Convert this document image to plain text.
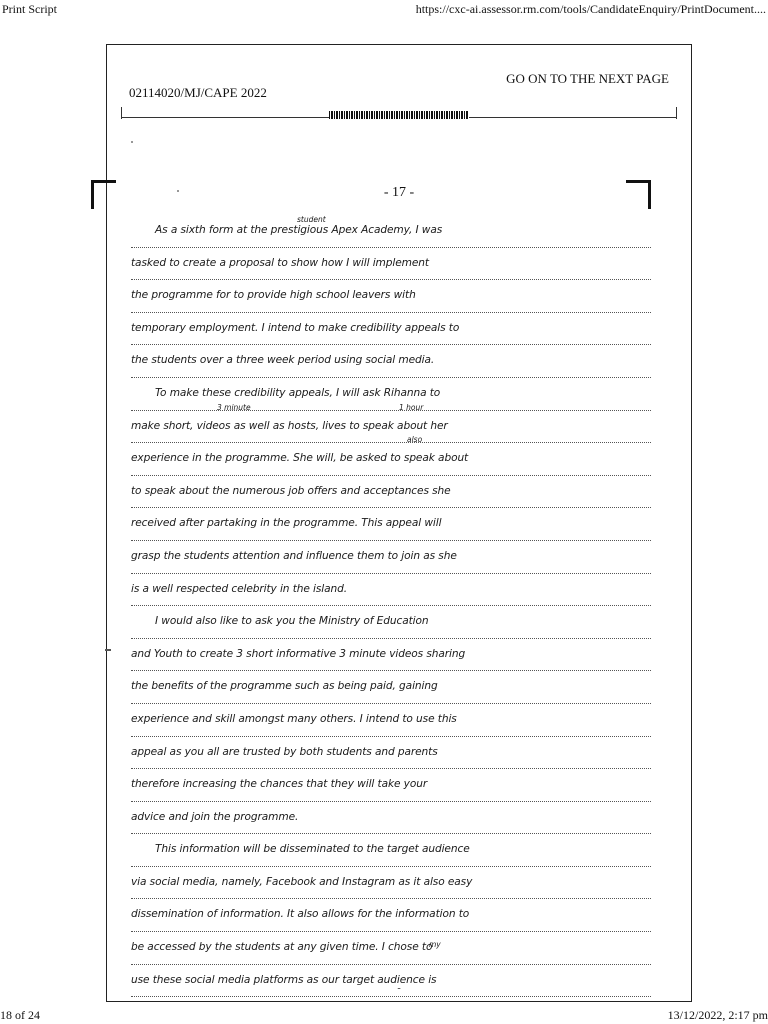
Print Script	https://cxc-ai.assessor.rm.com/tools/CandidateEnquiry/PrintDocument....
02114020/MJ/CAPE 2022
GO ON TO THE NEXT PAGE
- 17 -
student
3 minute	1 hour
also
my
As a sixth form at the prestigious Apex Academy, I was
tasked to create a proposal to show how I will implement
the programme for to provide high school leavers with
temporary employment. I intend to make credibility appeals to
the students over a three week period using social media.
To make these credibility appeals, I will ask Rihanna to
make short, videos as well as hosts, lives to speak about her
experience in the programme. She will, be asked to speak about
to speak about the numerous job offers and acceptances she
received after partaking in the programme. This appeal will
grasp the students attention and influence them to join as she
is a well respected celebrity in the island.
I would also like to ask you the Ministry of Education
and Youth to create 3 short informative 3 minute videos sharing
the benefits of the programme such as being paid, gaining
experience and skill amongst many others. I intend to use this
appeal as you all are trusted by both students and parents
therefore increasing the chances that they will take your
advice and join the programme.
This information will be disseminated to the target audience
via social media, namely, Facebook and Instagram as it also easy
dissemination of information. It also allows for the information to
be accessed by the students at any given time. I chose to
use these social media platforms as our target audience is
-
18 of 24	13/12/2022, 2:17 pm
